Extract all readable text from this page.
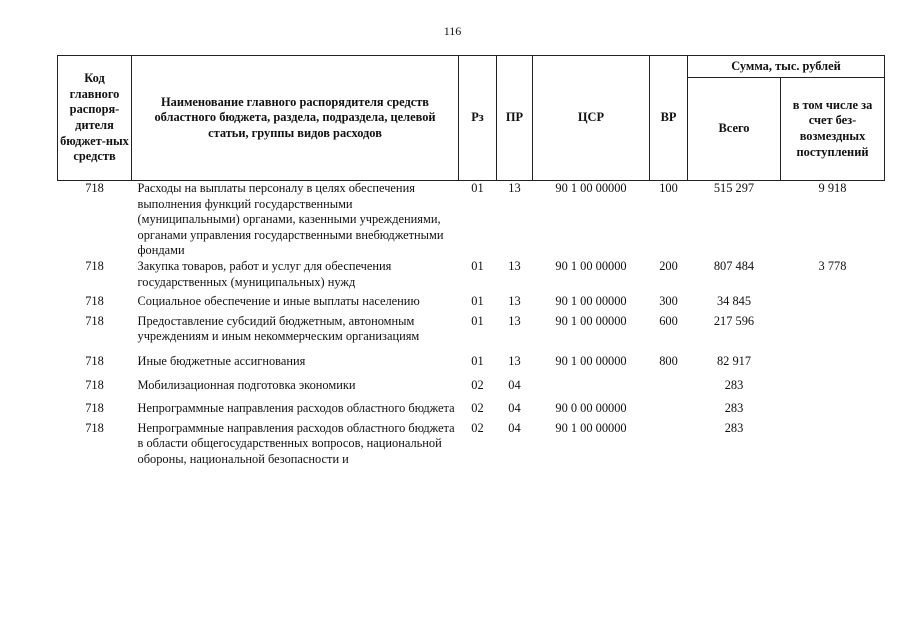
116
Код главного распоря-дителя бюджет-ных средств	Наименование главного распорядителя средств областного бюджета, раздела, подраздела, целевой статьи, группы видов расходов	Рз	ПР	ЦСР	ВР	Сумма, тыс. рублей	
						Всего	в том числе за счет без-возмездных поступлений
718	Расходы на выплаты персоналу в целях обеспечения выполнения функций государственными (муниципальными) органами, казенными учреждениями, органами управления государственными внебюджетными фондами	01	13	90 1 00 00000	100	515 297	9 918
718	Закупка товаров, работ и услуг для обеспечения государственных (муниципальных) нужд	01	13	90 1 00 00000	200	807 484	3 778
718	Социальное обеспечение и иные выплаты населению	01	13	90 1 00 00000	300	34 845	
718	Предоставление субсидий бюджетным, автономным учреждениям и иным некоммерческим организациям	01	13	90 1 00 00000	600	217 596	
718	Иные бюджетные ассигнования	01	13	90 1 00 00000	800	82 917	
718	Мобилизационная подготовка экономики	02	04			283	
718	Непрограммные направления расходов областного бюджета	02	04	90 0 00 00000		283	
718	Непрограммные направления расходов областного бюджета в области общегосударственных вопросов, национальной обороны, национальной безопасности и	02	04	90 1 00 00000		283	
